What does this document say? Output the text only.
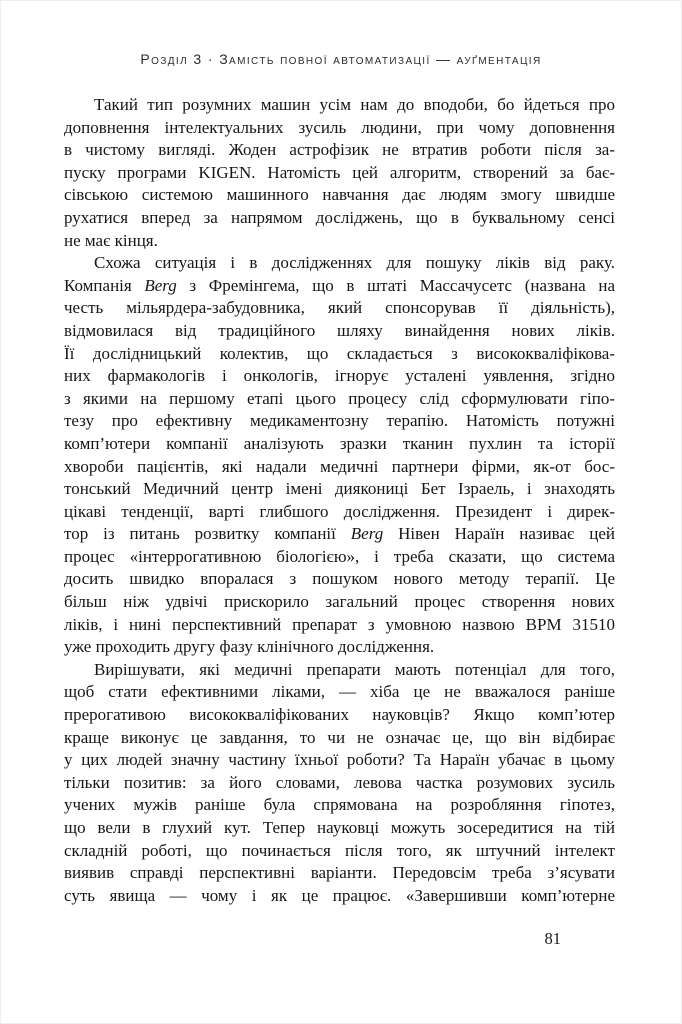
Розділ 3 · Замість повної автоматизації — ауґментація
Такий тип розумних машин усім нам до вподоби, бо йдеться про
доповнення інтелектуальних зусиль людини, при чому доповнення
в чистому вигляді. Жоден астрофізик не втратив роботи після за-
пуску програми KIGEN. Натомість цей алгоритм, створений за бає-
сівською системою машинного навчання дає людям змогу швидше
рухатися вперед за напрямом досліджень, що в буквальному сенсі
не має кінця.
Схожа ситуація і в дослідженнях для пошуку ліків від раку.
Компанія Berg з Фремінгема, що в штаті Массачусетс (названа на
честь мільярдера-забудовника, який спонсорував її діяльність),
відмовилася від традиційного шляху винайдення нових ліків.
Її дослідницький колектив, що складається з висококваліфікова-
них фармакологів і онкологів, ігнорує усталені уявлення, згідно
з якими на першому етапі цього процесу слід сформулювати гіпо-
тезу про ефективну медикаментозну терапію. Натомість потужні
комп’ютери компанії аналізують зразки тканин пухлин та історії
хвороби пацієнтів, які надали медичні партнери фірми, як-от бос-
тонський Медичний центр імені диякониці Бет Ізраель, і знаходять
цікаві тенденції, варті глибшого дослідження. Президент і дирек-
тор із питань розвитку компанії Berg Нівен Нараїн називає цей
процес «інтеррогативною біологією», і треба сказати, що система
досить швидко впоралася з пошуком нового методу терапії. Це
більш ніж удвічі прискорило загальний процес створення нових
ліків, і нині перспективний препарат з умовною назвою BPM 31510
уже проходить другу фазу клінічного дослідження.
Вирішувати, які медичні препарати мають потенціал для того,
щоб стати ефективними ліками, — хіба це не вважалося раніше
прерогативою висококваліфікованих науковців? Якщо комп’ютер
краще виконує це завдання, то чи не означає це, що він відбирає
у цих людей значну частину їхньої роботи? Та Нараїн убачає в цьому
тільки позитив: за його словами, левова частка розумових зусиль
учених мужів раніше була спрямована на розробляння гіпотез,
що вели в глухий кут. Тепер науковці можуть зосередитися на тій
складній роботі, що починається після того, як штучний інтелект
виявив справді перспективні варіанти. Передовсім треба з’ясувати
суть явища — чому і як це працює. «Завершивши комп’ютерне
81
